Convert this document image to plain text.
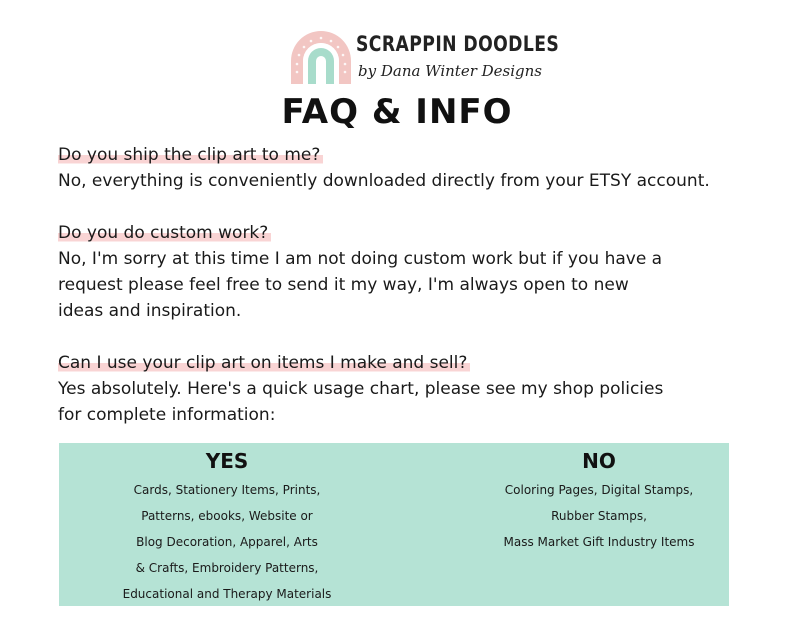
SCRAPPIN DOODLES
by Dana Winter Designs
FAQ & INFO
Do you ship the clip art to me?
No, everything is conveniently downloaded directly from your ETSY account.
Do you do custom work?
No, I'm sorry at this time I am not doing custom work but if you have a
request please feel free to send it my way, I'm always open to new
ideas and inspiration.
Can I use your clip art on items I make and sell?
Yes absolutely. Here's a quick usage chart, please see my shop policies
for complete information:
YES
Cards, Stationery Items, Prints,
Patterns, ebooks, Website or
Blog Decoration, Apparel, Arts
& Crafts, Embroidery Patterns,
Educational and Therapy Materials
NO
Coloring Pages, Digital Stamps,
Rubber Stamps,
Mass Market Gift Industry Items
